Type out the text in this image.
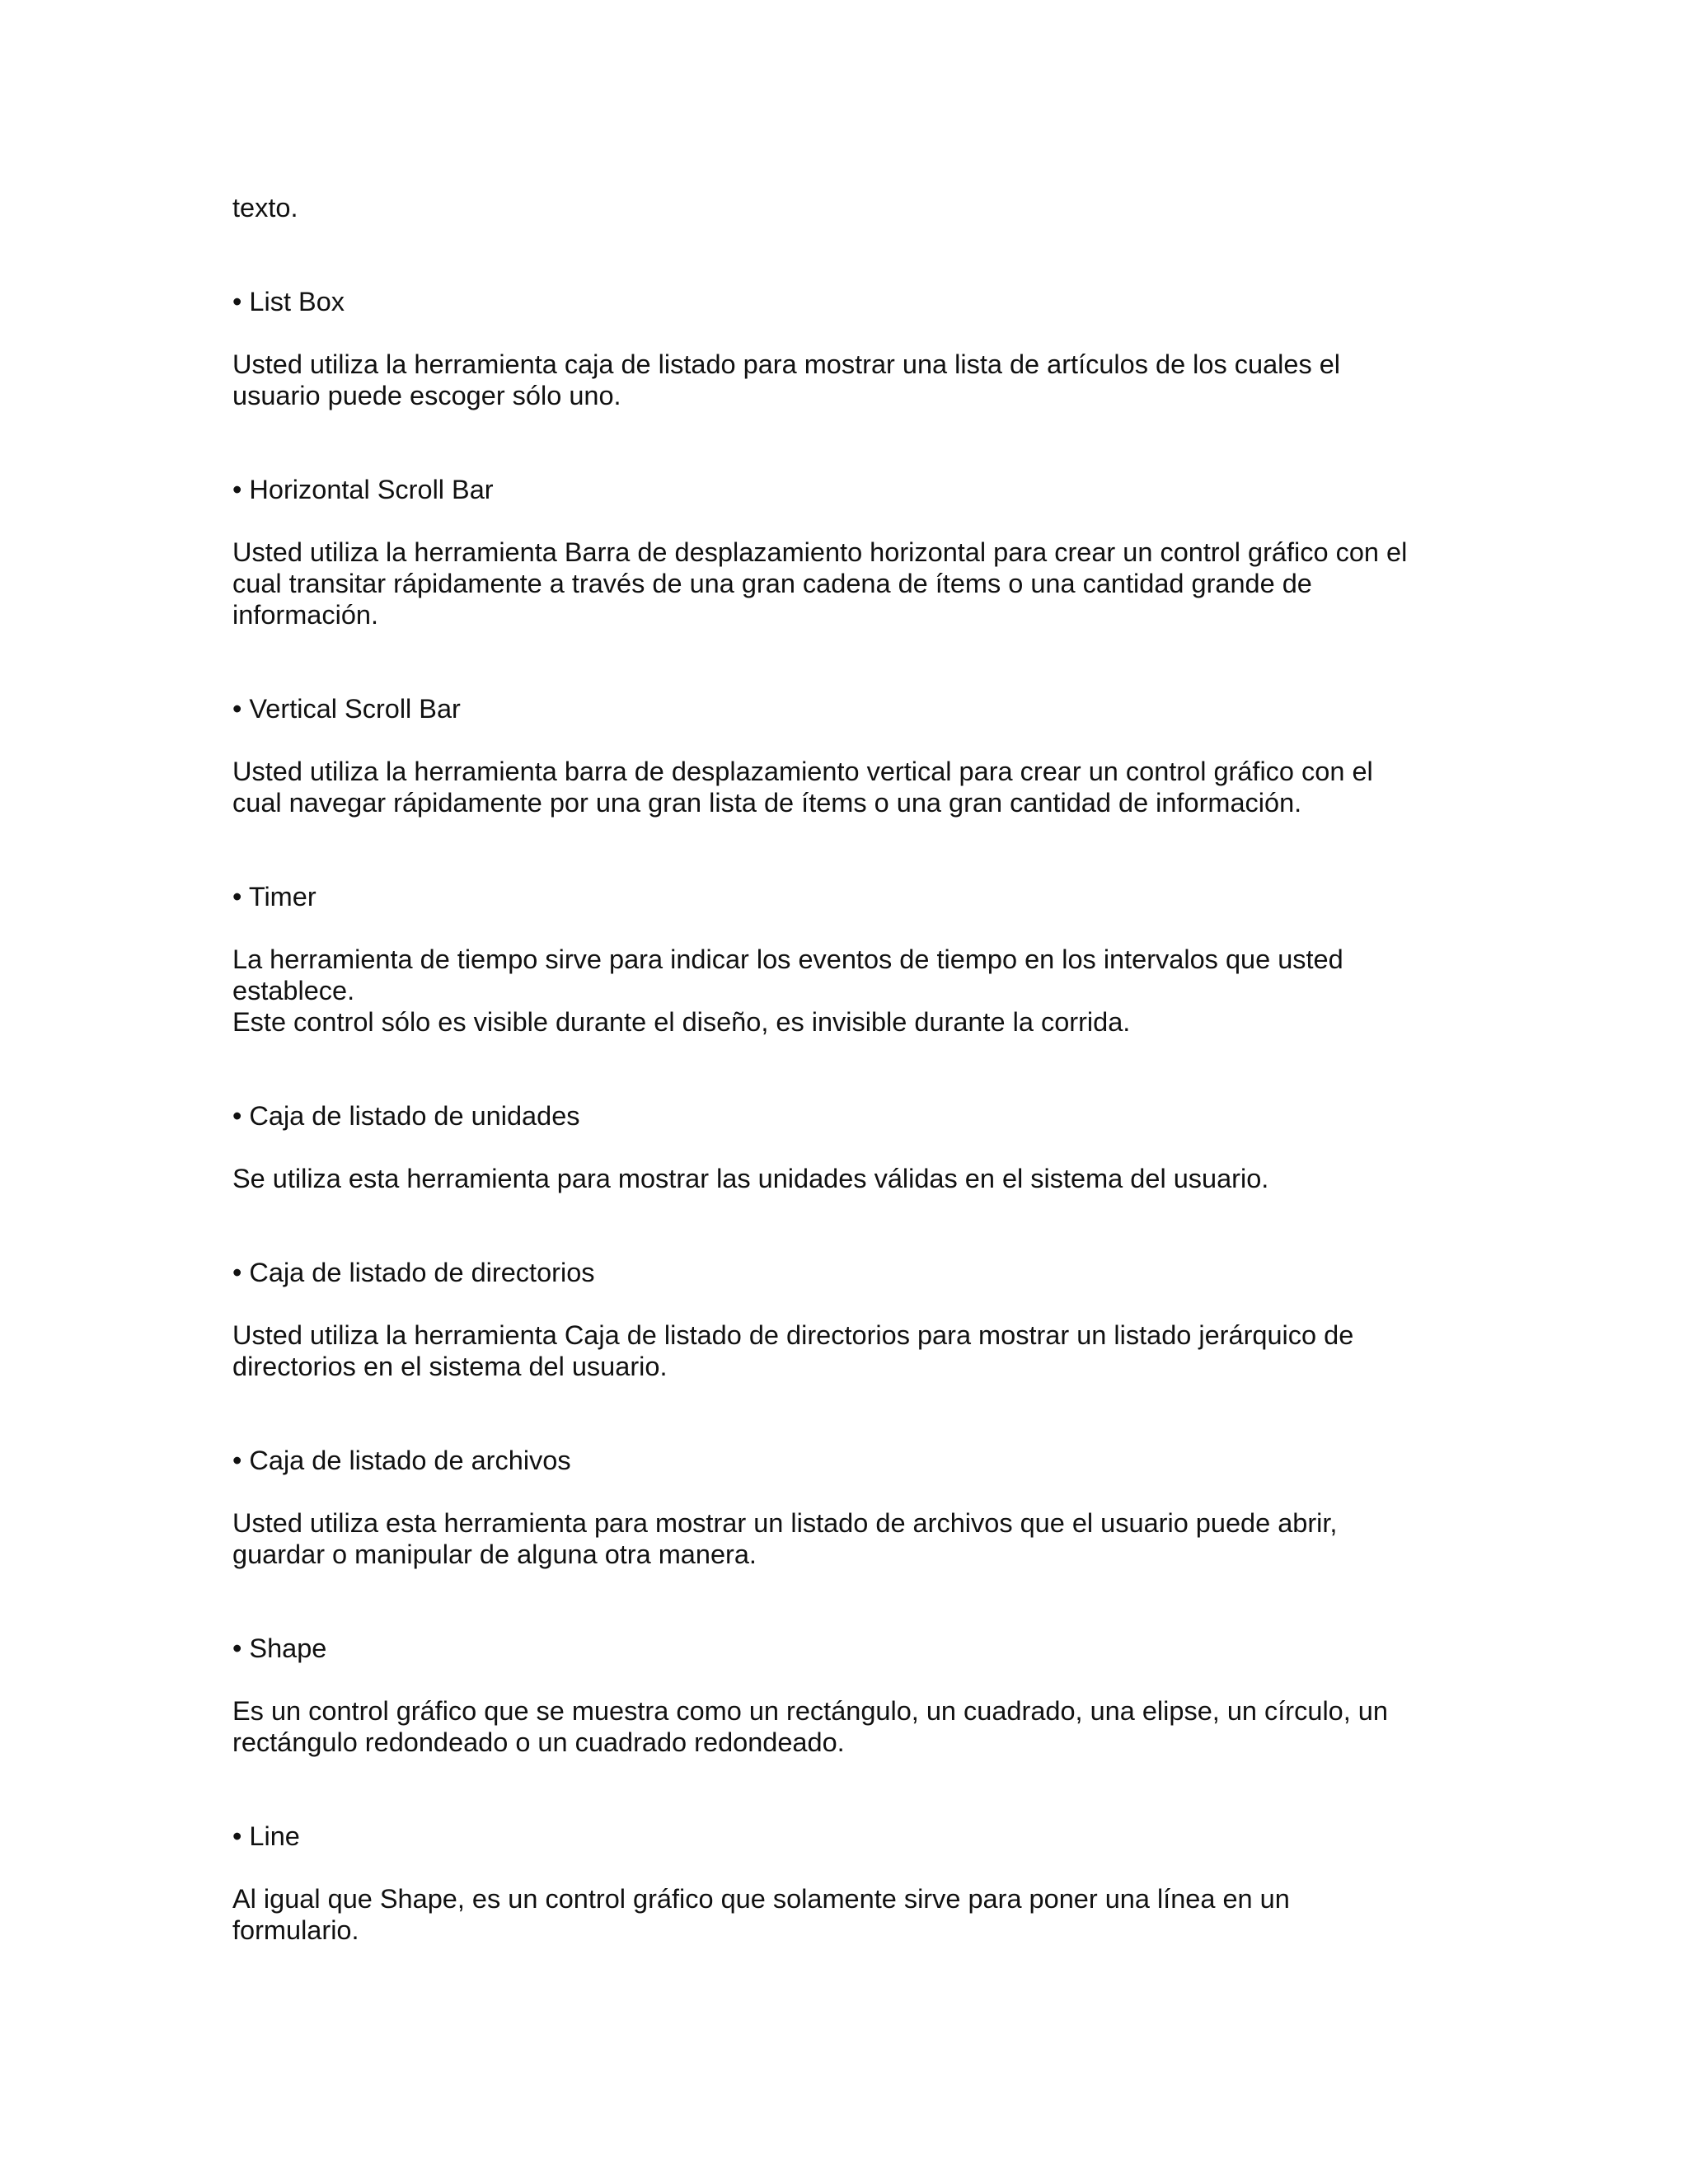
texto.

• List Box

Usted utiliza la herramienta caja de listado para mostrar una lista de artículos de los cuales el
usuario puede escoger sólo uno.

• Horizontal Scroll Bar

Usted utiliza la herramienta Barra de desplazamiento horizontal para crear un control gráfico con el
cual transitar rápidamente a través de una gran cadena de ítems o una cantidad grande de
información.

• Vertical Scroll Bar

Usted utiliza la herramienta barra de desplazamiento vertical para crear un control gráfico con el
cual navegar rápidamente por una gran lista de ítems o una gran cantidad de información.

• Timer

La herramienta de tiempo sirve para indicar los eventos de tiempo en los intervalos que usted
establece.
Este control sólo es visible durante el diseño, es invisible durante la corrida.

• Caja de listado de unidades

Se utiliza esta herramienta para mostrar las unidades válidas en el sistema del usuario.

• Caja de listado de directorios

Usted utiliza la herramienta Caja de listado de directorios para mostrar un listado jerárquico de
directorios en el sistema del usuario.

• Caja de listado de archivos

Usted utiliza esta herramienta para mostrar un listado de archivos que el usuario puede abrir,
guardar o manipular de alguna otra manera.

• Shape

Es un control gráfico que se muestra como un rectángulo, un cuadrado, una elipse, un círculo, un
rectángulo redondeado o un cuadrado redondeado.

• Line

Al igual que Shape, es un control gráfico que solamente sirve para poner una línea en un
formulario.
